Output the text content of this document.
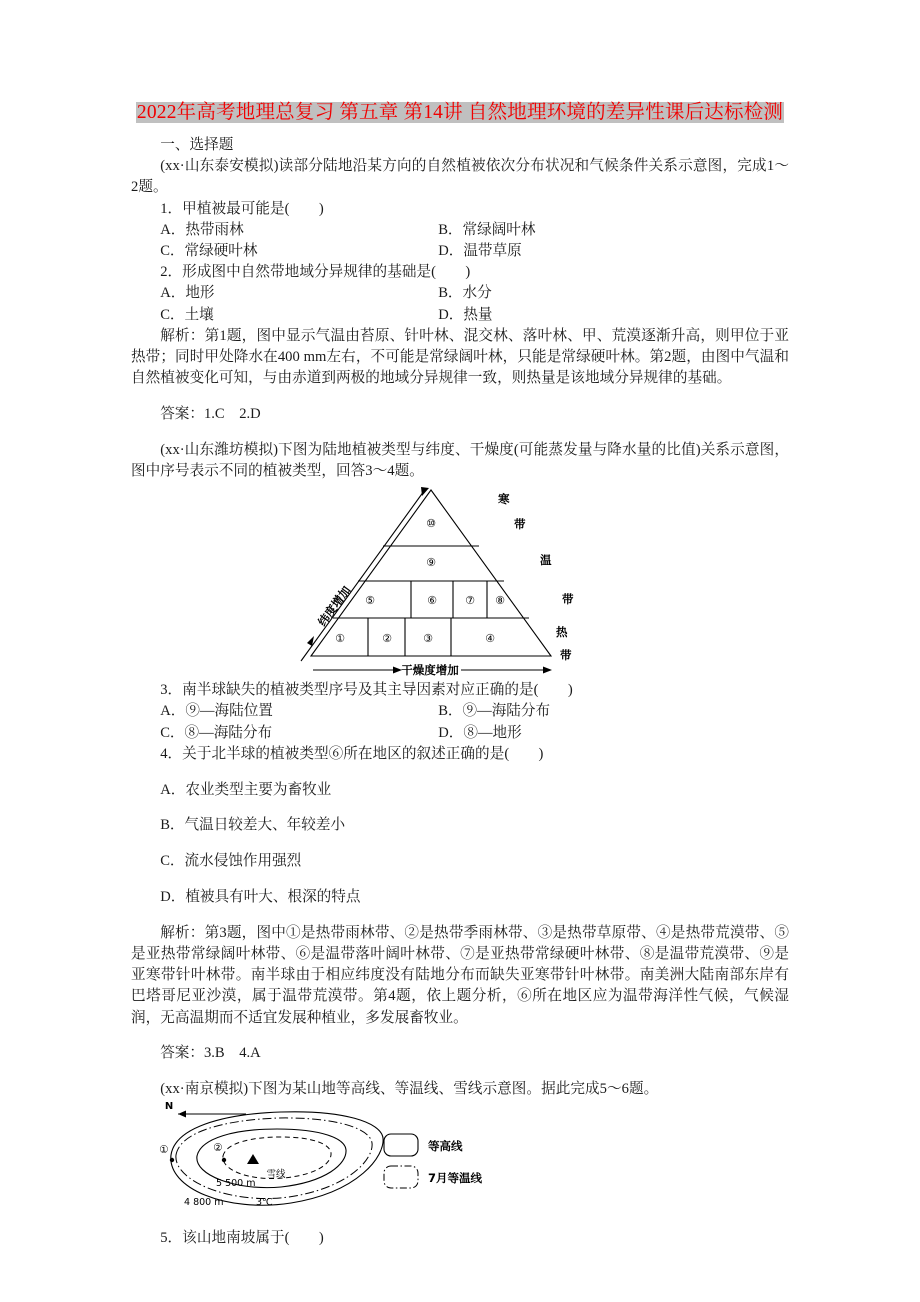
2022年高考地理总复习 第五章 第14讲 自然地理环境的差异性课后达标检测

一、选择题

(xx·山东泰安模拟)读部分陆地沿某方向的自然植被依次分布状况和气候条件关系示意图，完成1～2题。

1．甲植被最可能是(　　)

A．热带雨林	B．常绿阔叶林
C．常绿硬叶林	D．温带草原

2．形成图中自然带地域分异规律的基础是(　　)

A．地形	B．水分
C．土壤	D．热量

解析：第1题，图中显示气温由苔原、针叶林、混交林、落叶林、甲、荒漠逐渐升高，则甲位于亚热带；同时甲处降水在400 mm左右，不可能是常绿阔叶林，只能是常绿硬叶林。第2题，由图中气温和自然植被变化可知，与由赤道到两极的地域分异规律一致，则热量是该地域分异规律的基础。

答案：1.C　2.D

(xx·山东潍坊模拟)下图为陆地植被类型与纬度、干燥度(可能蒸发量与降水量的比值)关系示意图，图中序号表示不同的植被类型，回答3～4题。

①	②	③	④
⑤	⑥	⑦ ⑧
⑨
⑩
寒
带
温
带
热
带
纬度增加
干燥度增加

3．南半球缺失的植被类型序号及其主导因素对应正确的是(　　)

A．⑨—海陆位置	B．⑨—海陆分布
C．⑧—海陆分布	D．⑧—地形

4．关于北半球的植被类型⑥所在地区的叙述正确的是(　　)

A．农业类型主要为畜牧业

B．气温日较差大、年较差小

C．流水侵蚀作用强烈

D．植被具有叶大、根深的特点

解析：第3题，图中①是热带雨林带、②是热带季雨林带、③是热带草原带、④是热带荒漠带、⑤是亚热带常绿阔叶林带、⑥是温带落叶阔叶林带、⑦是亚热带常绿硬叶林带、⑧是温带荒漠带、⑨是亚寒带针叶林带。南半球由于相应纬度没有陆地分布而缺失亚寒带针叶林带。南美洲大陆南部东岸有巴塔哥尼亚沙漠，属于温带荒漠带。第4题，依上题分析，⑥所在地区应为温带海洋性气候，气候湿润，无高温期而不适宜发展种植业，多发展畜牧业。

答案：3.B　4.A

(xx·南京模拟)下图为某山地等高线、等温线、雪线示意图。据此完成5～6题。

N
①	②
雪线
5 500 m
4 800 m	3℃
等高线
7月等温线

5．该山地南坡属于(　　)
